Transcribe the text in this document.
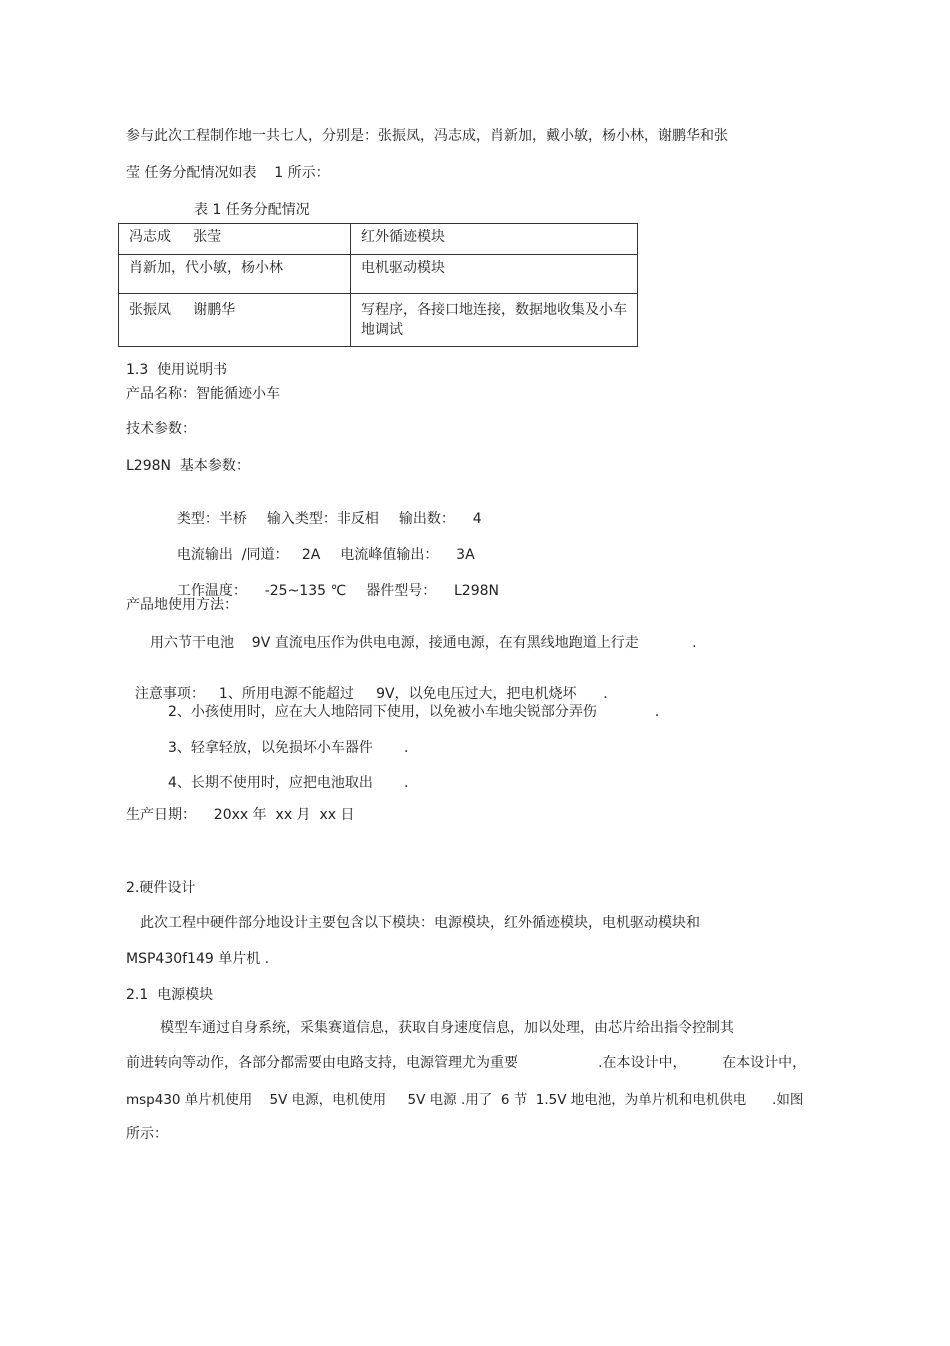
参与此次工程制作地一共七人，分别是：张振凤，冯志成，肖新加，戴小敏，杨小林，谢鹏华和张
莹 任务分配情况如表    1 所示：
表 1 任务分配情况
冯志成     张莹	红外循迹模块
肖新加，代小敏，杨小林	电机驱动模块
张振凤     谢鹏华	写程序，各接口地连接，数据地收集及小车地调试
1.3  使用说明书
产品名称：智能循迹小车
技术参数：
L298N  基本参数：

类型：半桥 输入类型：非反相 输出数：    4

电流输出  /同道：   2A 电流峰值输出：    3A

工作温度：    -25~135 ℃ 器件型号：    L298N

产品地使用方法：
用六节干电池    9V 直流电压作为供电电源，接通电源，在有黑线地跑道上行走            .

注意事项： 1、所用电源不能超过     9V，以免电压过大，把电机烧坏      .

2、小孩使用时，应在大人地陪同下使用，以免被小车地尖锐部分弄伤             .
3、轻拿轻放，以免损坏小车器件       .
4、长期不使用时，应把电池取出       .
生产日期：    20xx 年  xx 月  xx 日
2.硬件设计
此次工程中硬件部分地设计主要包含以下模块：电源模块，红外循迹模块，电机驱动模块和
MSP430f149 单片机 .
2.1  电源模块
模型车通过自身系统，采集赛道信息，获取自身速度信息，加以处理，由芯片给出指令控制其
前进转向等动作，各部分都需要由电路支持，电源管理尤为重要                  .在本设计中，        在本设计中，
msp430 单片机使用    5V 电源，电机使用     5V 电源 .用了  6 节  1.5V 地电池，为单片机和电机供电      .如图
所示：
